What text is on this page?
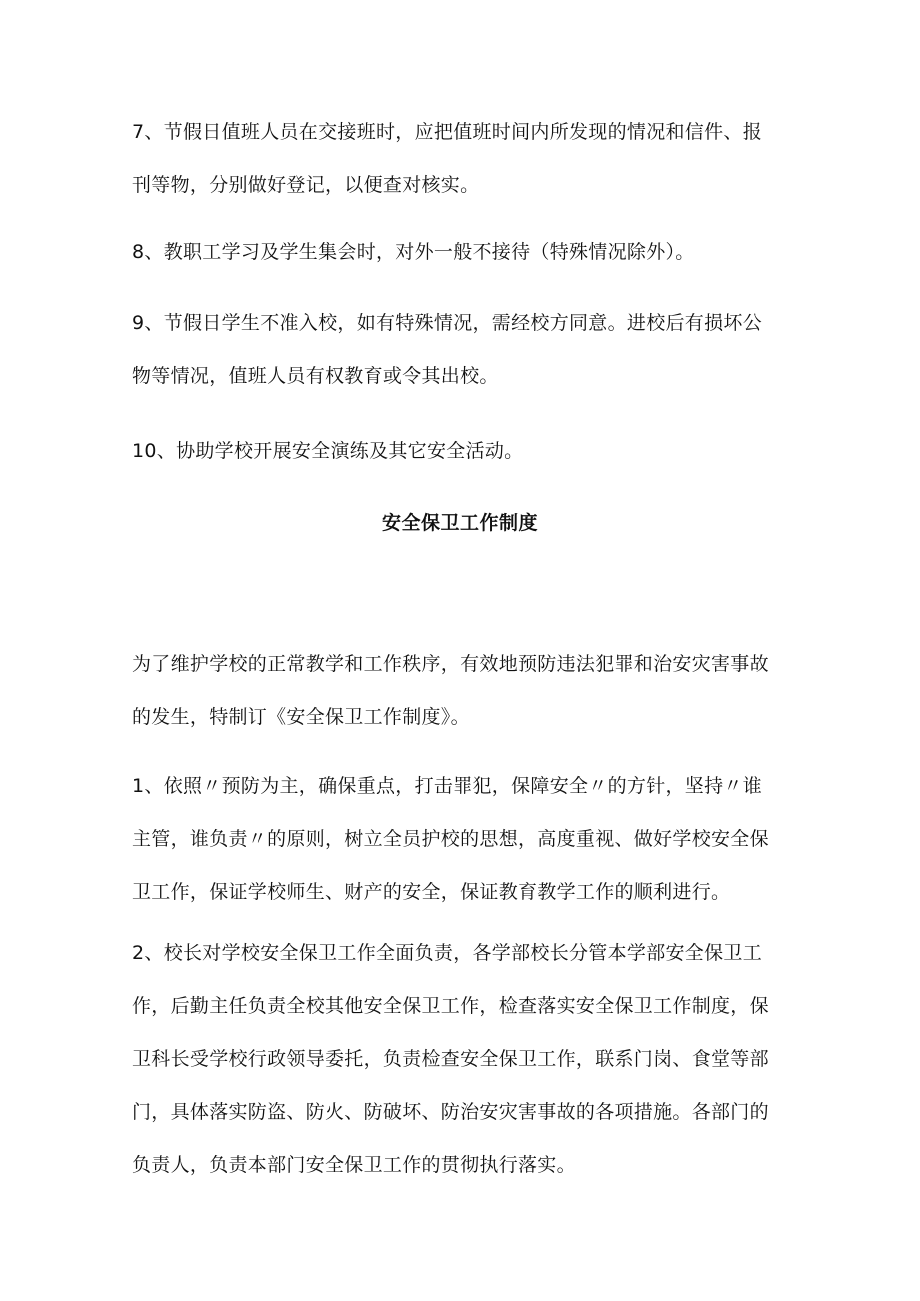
7、节假日值班人员在交接班时，应把值班时间内所发现的情况和信件、报
刊等物，分别做好登记，以便查对核实。

8、教职工学习及学生集会时，对外一般不接待（特殊情况除外）。

9、节假日学生不准入校，如有特殊情况，需经校方同意。进校后有损坏公
物等情况，值班人员有权教育或令其出校。

10、协助学校开展安全演练及其它安全活动。

安全保卫工作制度

为了维护学校的正常教学和工作秩序，有效地预防违法犯罪和治安灾害事故
的发生，特制订《安全保卫工作制度》。

1、依照〃预防为主，确保重点，打击罪犯，保障安全〃的方针，坚持〃谁
主管，谁负责〃的原则，树立全员护校的思想，高度重视、做好学校安全保
卫工作，保证学校师生、财产的安全，保证教育教学工作的顺利进行。

2、校长对学校安全保卫工作全面负责，各学部校长分管本学部安全保卫工
作，后勤主任负责全校其他安全保卫工作，检查落实安全保卫工作制度，保
卫科长受学校行政领导委托，负责检查安全保卫工作，联系门岗、食堂等部
门，具体落实防盗、防火、防破坏、防治安灾害事故的各项措施。各部门的
负责人，负责本部门安全保卫工作的贯彻执行落实。
